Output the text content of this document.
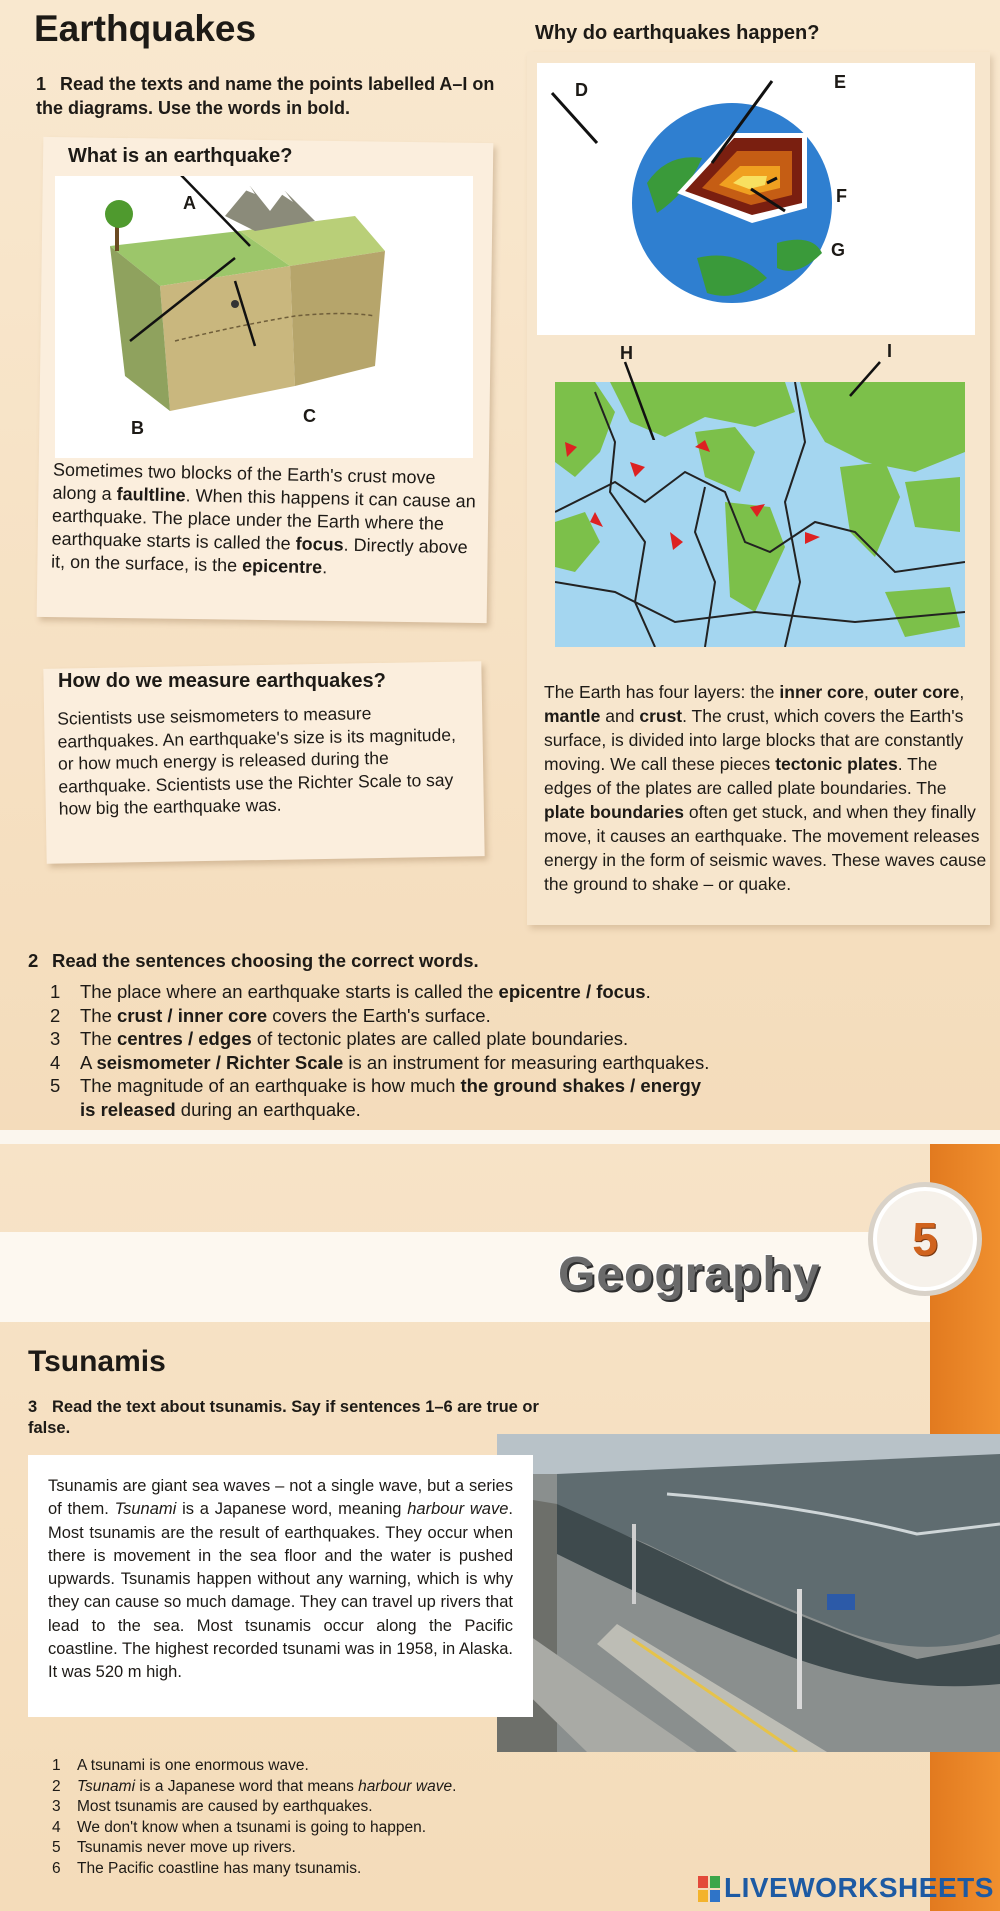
Earthquakes	Why do earthquakes happen?
1 Read the texts and name the points labelled A–I on the diagrams. Use the words in bold.
What is an earthquake?
A
B
C
Sometimes two blocks of the Earth's crust move along a faultline. When this happens it can cause an earthquake. The place under the Earth where the earthquake starts is called the focus. Directly above it, on the surface, is the epicentre.
How do we measure earthquakes?
Scientists use seismometers to measure earthquakes. An earthquake's size is its magnitude, or how much energy is released during the earthquake. Scientists use the Richter Scale to say how big the earthquake was.
D	E
F
G
H	I
The Earth has four layers: the inner core, outer core, mantle and crust. The crust, which covers the Earth's surface, is divided into large blocks that are constantly moving. We call these pieces tectonic plates. The edges of the plates are called plate boundaries. The plate boundaries often get stuck, and when they finally move, it causes an earthquake. The movement releases energy in the form of seismic waves. These waves cause the ground to shake – or quake.
2 Read the sentences choosing the correct words.
1	The place where an earthquake starts is called the epicentre / focus.
2	The crust / inner core covers the Earth's surface.
3	The centres / edges of tectonic plates are called plate boundaries.
4	A seismometer / Richter Scale is an instrument for measuring earthquakes.
5	The magnitude of an earthquake is how much the ground shakes / energy
is released during an earthquake.
5
Geography
Tsunamis
3 Read the text about tsunamis. Say if sentences 1–6 are true or false.
Tsunamis are giant sea waves – not a single wave, but a series of them. Tsunami is a Japanese word, meaning harbour wave. Most tsunamis are the result of earthquakes. They occur when there is movement in the sea floor and the water is pushed upwards. Tsunamis happen without any warning, which is why they can cause so much damage. They can travel up rivers that lead to the sea. Most tsunamis occur along the Pacific coastline. The highest recorded tsunami was in 1958, in Alaska. It was 520 m high.
1	A tsunami is one enormous wave.
2	Tsunami is a Japanese word that means harbour wave.
3	Most tsunamis are caused by earthquakes.
4	We don't know when a tsunami is going to happen.
5	Tsunamis never move up rivers.
6	The Pacific coastline has many tsunamis.
LIVEWORKSHEETS
